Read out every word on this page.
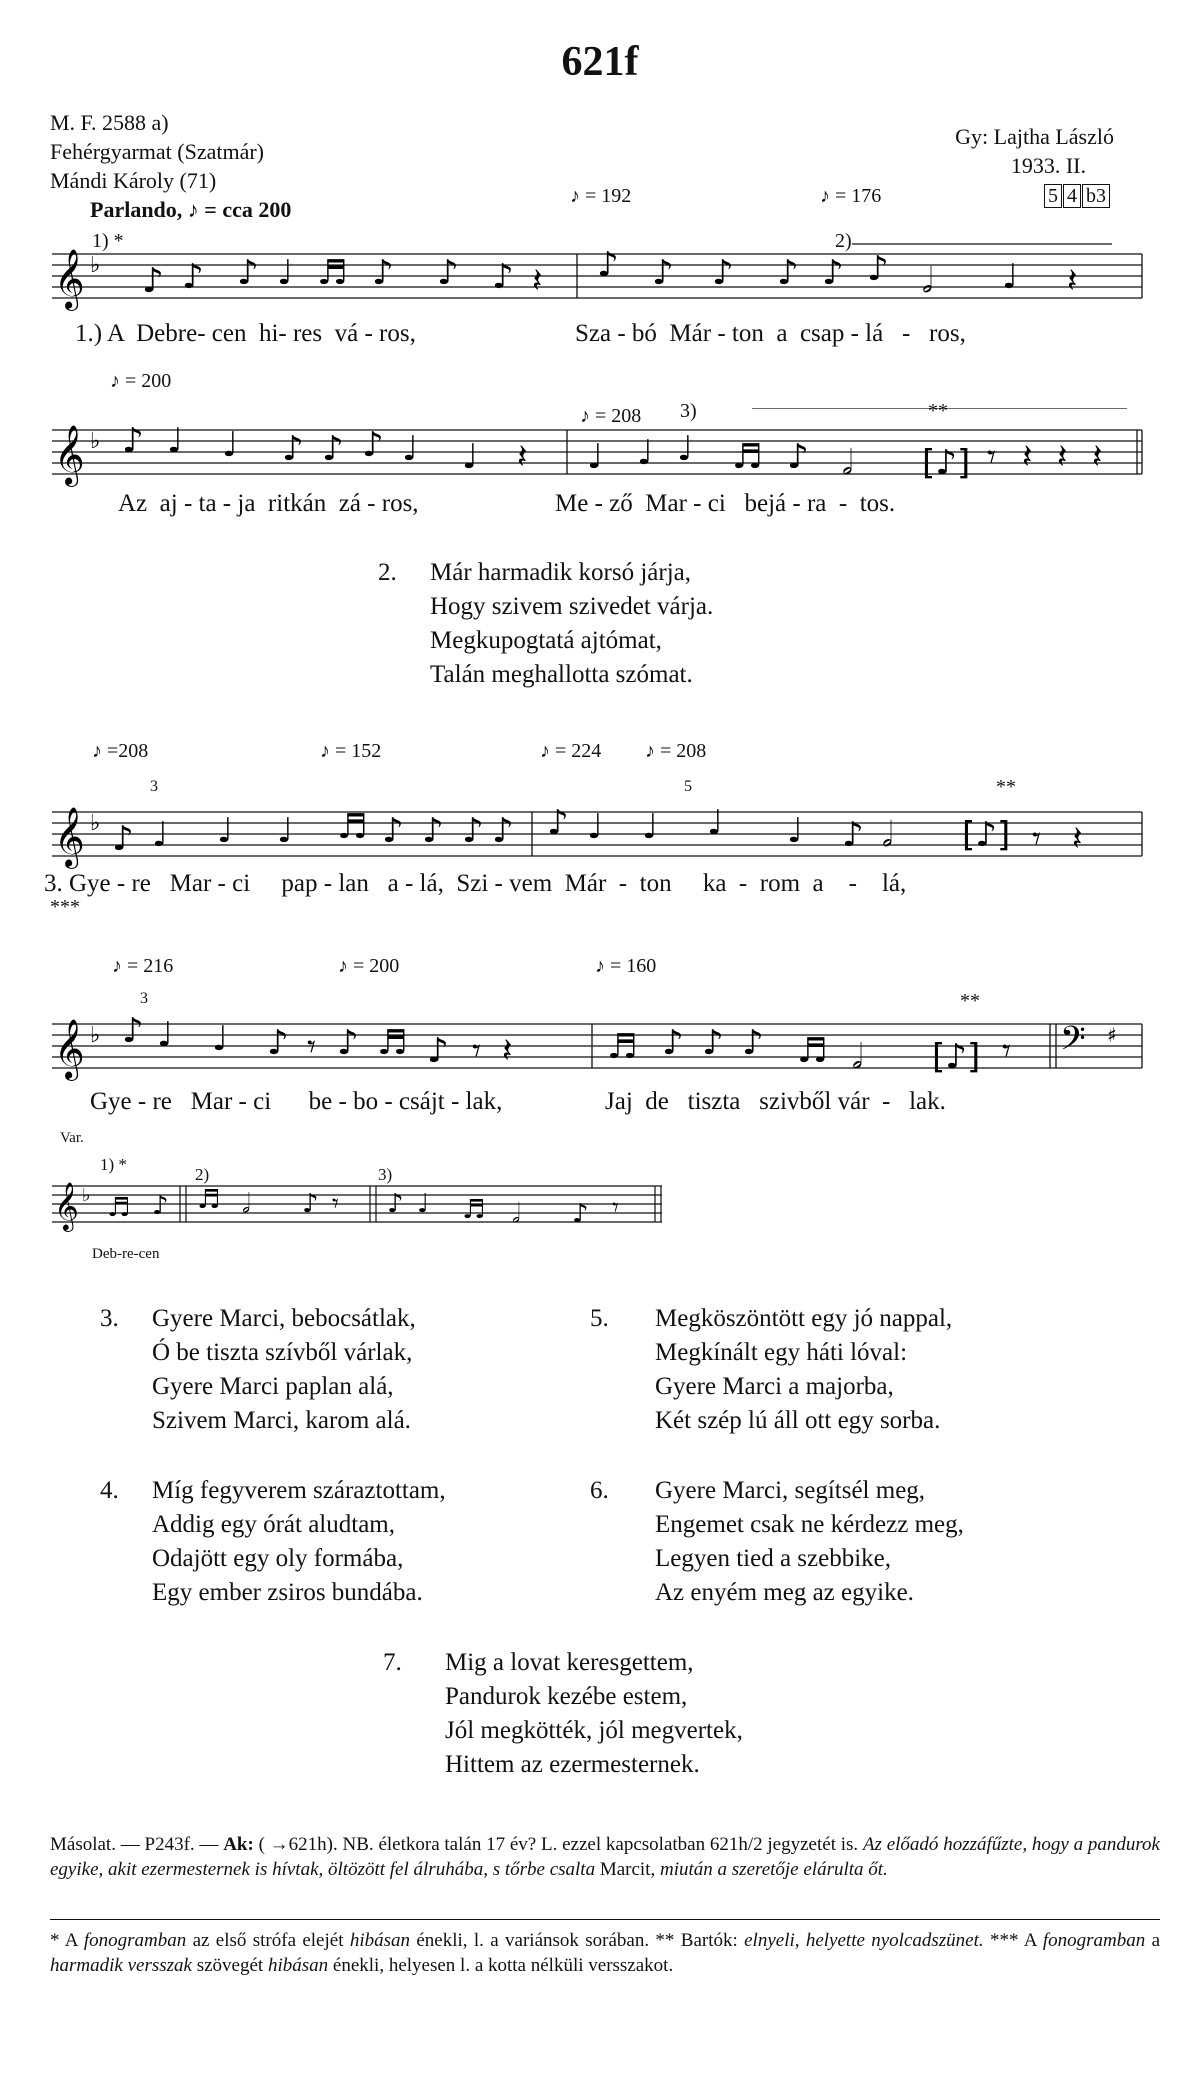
621f
M. F. 2588 a)
Fehérgyarmat (Szatmár)
Mándi Károly (71)
Parlando, ♪ = cca 200
Gy: Lajtha László
1933. II.
5 4 b3
♪ = 192	♪ = 176
1) *	2)
𝄞 ♭ ♪ ♪ ♪ ♩ ♬ ♪ ♪ ♪ 𝄽 ♪ ♪ ♪ ♪ ♪ ♪ 𝅗𝅥 ♩ 𝄽
1.) A  Debre- cen  hi- res  vá - ros,	Sza - bó  Már - ton  a  csap - lá   -   ros,
♪ = 200
♪ = 208 3)	**
𝄞 ♭ ♪ ♩ ♩ ♪ ♪ ♪ ♩ ♩ 𝄽 ♩ ♩ ♩ ♬ ♪ 𝅗𝅥 [♪] 𝄾 𝄽 𝄽 𝄽
Az  aj - ta - ja  ritkán  zá - ros,	Me - ző  Mar - ci   bejá - ra  -  tos.
2. Már harmadik korsó járja,
Hogy szivem szivedet várja.
Megkupogtatá ajtómat,
Talán meghallotta szómat.
♪ =208	♪ = 152	♪ = 224 ♪ = 208
**
3	5
𝄞 ♭ ♪ ♩ ♩ ♩ ♬ ♪ ♪ ♪ ♪ ♪ ♩ ♩ ♩ ♩ ♪ 𝅗𝅥 [♪] 𝄾 𝄽
3. Gye - re   Mar - ci     pap - lan   a - lá,  Szi - vem  Már  -  ton     ka  -  rom  a    -    lá,
***
♪ = 216	♪ = 200	♪ = 160
**
3
𝄞 ♭	𝄢 ♯
♪ ♩ ♩ ♪ 𝄾 ♪ ♬ ♪ 𝄾 𝄽	♬ ♪ ♪ ♪ ♬ 𝅗𝅥 [♪] 𝄾
Gye - re   Mar - ci      be - bo - csájt - lak,	Jaj  de   tiszta   szivből vár  -   lak.
Var.
1) *
2)	3)
𝄞 ♭ ♬ ♪ ♬ 𝅗𝅥 ♪ 𝄾 ♪ ♩ ♬ 𝅗𝅥 ♪ 𝄾
Deb-re-cen
3. Gyere Marci, bebocsátlak,
Ó be tiszta szívből várlak,
Gyere Marci paplan alá,
Szivem Marci, karom alá.
5. Megköszöntött egy jó nappal,
Megkínált egy háti lóval:
Gyere Marci a majorba,
Két szép lú áll ott egy sorba.
4. Míg fegyverem száraztottam,
Addig egy órát aludtam,
Odajött egy oly formába,
Egy ember zsiros bundába.
6. Gyere Marci, segítsél meg,
Engemet csak ne kérdezz meg,
Legyen tied a szebbike,
Az enyém meg az egyike.
7. Mig a lovat keresgettem,
Pandurok kezébe estem,
Jól megkötték, jól megvertek,
Hittem az ezermesternek.
Másolat. — P243f. — Ak: ( →621h). NB. életkora talán 17 év? L. ezzel kapcsolatban 621h/2 jegyzetét is. Az előadó hozzáfűzte, hogy a pandurok egyike, akit ezermesternek is hívtak, öltözött fel álruhába, s tőrbe csalta Marcit, miután a szeretője elárulta őt.
* A fonogramban az első strófa elejét hibásan énekli, l. a variánsok sorában. ** Bartók: elnyeli, helyette nyolcadszünet. *** A fonogramban a harmadik versszak szövegét hibásan énekli, helyesen l. a kotta nélküli versszakot.
